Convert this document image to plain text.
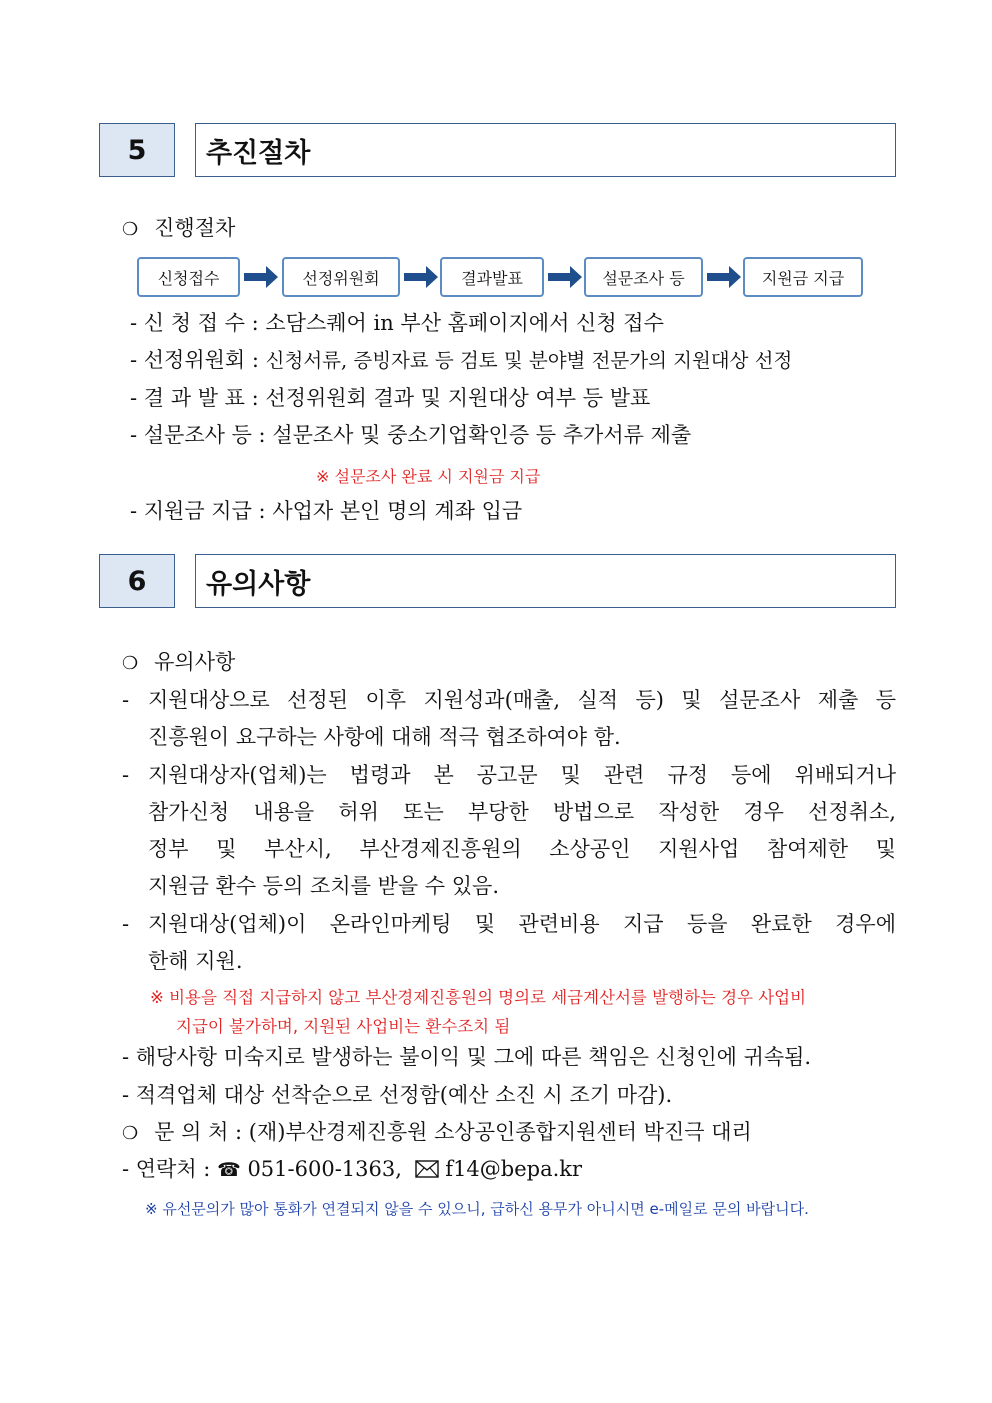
5	추진절차
❍ 진행절차
신청접수	선정위원회	결과발표	설문조사 등	지원금 지급
- 신 청 접 수 : 소담스퀘어 in 부산 홈페이지에서 신청 접수
- 선정위원회 : 신청서류, 증빙자료 등 검토 및 분야별 전문가의 지원대상 선정
- 결 과 발 표 : 선정위원회 결과 및 지원대상 여부 등 발표
- 설문조사 등 : 설문조사 및 중소기업확인증 등 추가서류 제출
※ 설문조사 완료 시 지원금 지급
- 지원금 지급 : 사업자 본인 명의 계좌 입금
6	유의사항
❍ 유의사항
- 지원대상으로 선정된 이후 지원성과(매출, 실적 등) 및 설문조사 제출 등
진흥원이 요구하는 사항에 대해 적극 협조하여야 함.
- 지원대상자(업체)는 법령과 본 공고문 및 관련 규정 등에 위배되거나
참가신청 내용을 허위 또는 부당한 방법으로 작성한 경우 선정취소,
정부 및 부산시, 부산경제진흥원의 소상공인 지원사업 참여제한 및
지원금 환수 등의 조치를 받을 수 있음.
- 지원대상(업체)이 온라인마케팅 및 관련비용 지급 등을 완료한 경우에
한해 지원.
※ 비용을 직접 지급하지 않고 부산경제진흥원의 명의로 세금계산서를 발행하는 경우 사업비
지급이 불가하며, 지원된 사업비는 환수조치 됨
- 해당사항 미숙지로 발생하는 불이익 및 그에 따른 책임은 신청인에 귀속됨.
- 적격업체 대상 선착순으로 선정함(예산 소진 시 조기 마감).
❍ 문 의 처 : (재)부산경제진흥원 소상공인종합지원센터 박진극 대리
- 연락처 : ☎ 051-600-1363, f14@bepa.kr
※ 유선문의가 많아 통화가 연결되지 않을 수 있으니, 급하신 용무가 아니시면 e-메일로 문의 바랍니다.
